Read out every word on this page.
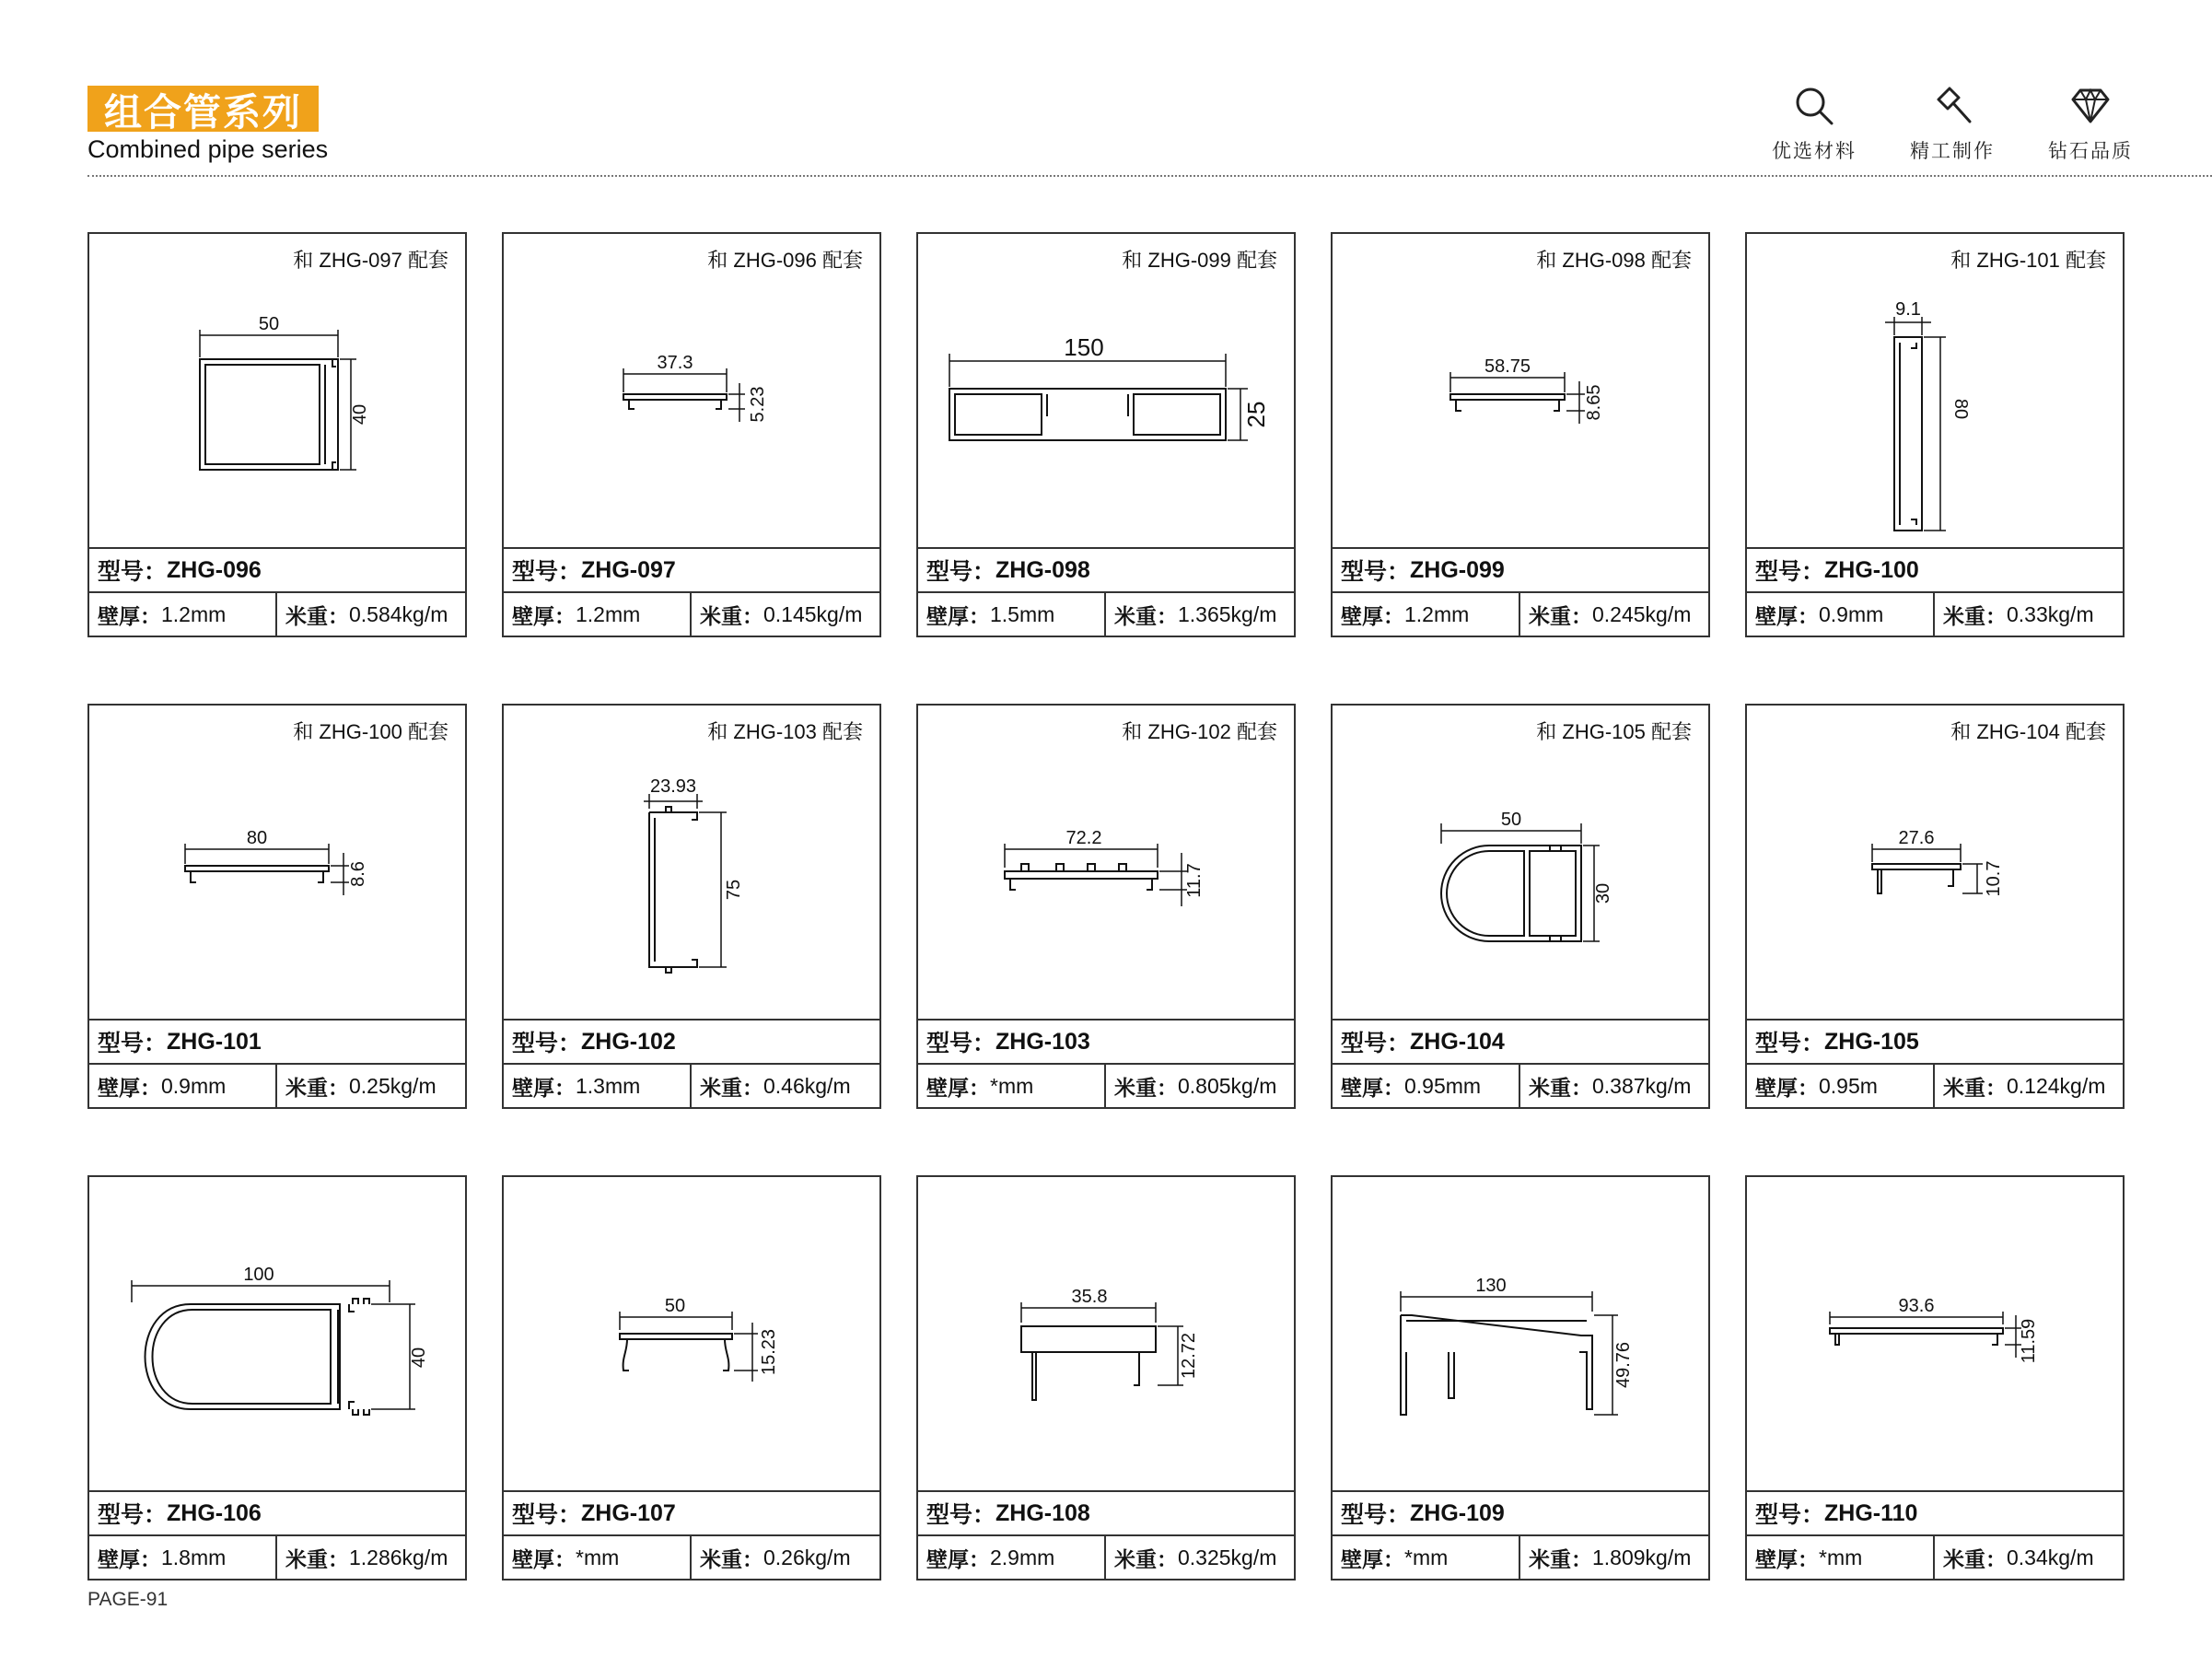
组合管系列
Combined pipe series	优选材料	精工制作	钻石品质
和 ZHG-097 配套
50
40
型号： ZHG-096
壁厚： 1.2mm	米重： 0.584kg/m
和 ZHG-096 配套
37.3
5.23
型号： ZHG-097
壁厚： 1.2mm	米重： 0.145kg/m
和 ZHG-099 配套
150
25
型号： ZHG-098
壁厚： 1.5mm	米重： 1.365kg/m
和 ZHG-098 配套
58.75
8.65
型号： ZHG-099
壁厚： 1.2mm	米重： 0.245kg/m
和 ZHG-101 配套
9.1
80
型号： ZHG-100
壁厚： 0.9mm	米重： 0.33kg/m
和 ZHG-100 配套
80
8.6
型号： ZHG-101
壁厚： 0.9mm	米重： 0.25kg/m
和 ZHG-103 配套
23.93
75
型号： ZHG-102
壁厚： 1.3mm	米重： 0.46kg/m
和 ZHG-102 配套
72.2
11.7
型号： ZHG-103
壁厚： *mm	米重： 0.805kg/m
和 ZHG-105 配套
50
30
型号： ZHG-104
壁厚： 0.95mm 米重： 0.387kg/m
和 ZHG-104 配套
27.6
10.7
型号： ZHG-105
壁厚： 0.95m	米重： 0.124kg/m
100
40
型号： ZHG-106
壁厚： 1.8mm	米重： 1.286kg/m
50
15.23
型号： ZHG-107
壁厚： *mm	米重： 0.26kg/m
35.8
12.72
型号： ZHG-108
壁厚： 2.9mm	米重： 0.325kg/m
130
49.76
型号： ZHG-109
壁厚： *mm	米重： 1.809kg/m
93.6
11.59
型号： ZHG-110
壁厚： *mm	米重： 0.34kg/m
PAGE-91
